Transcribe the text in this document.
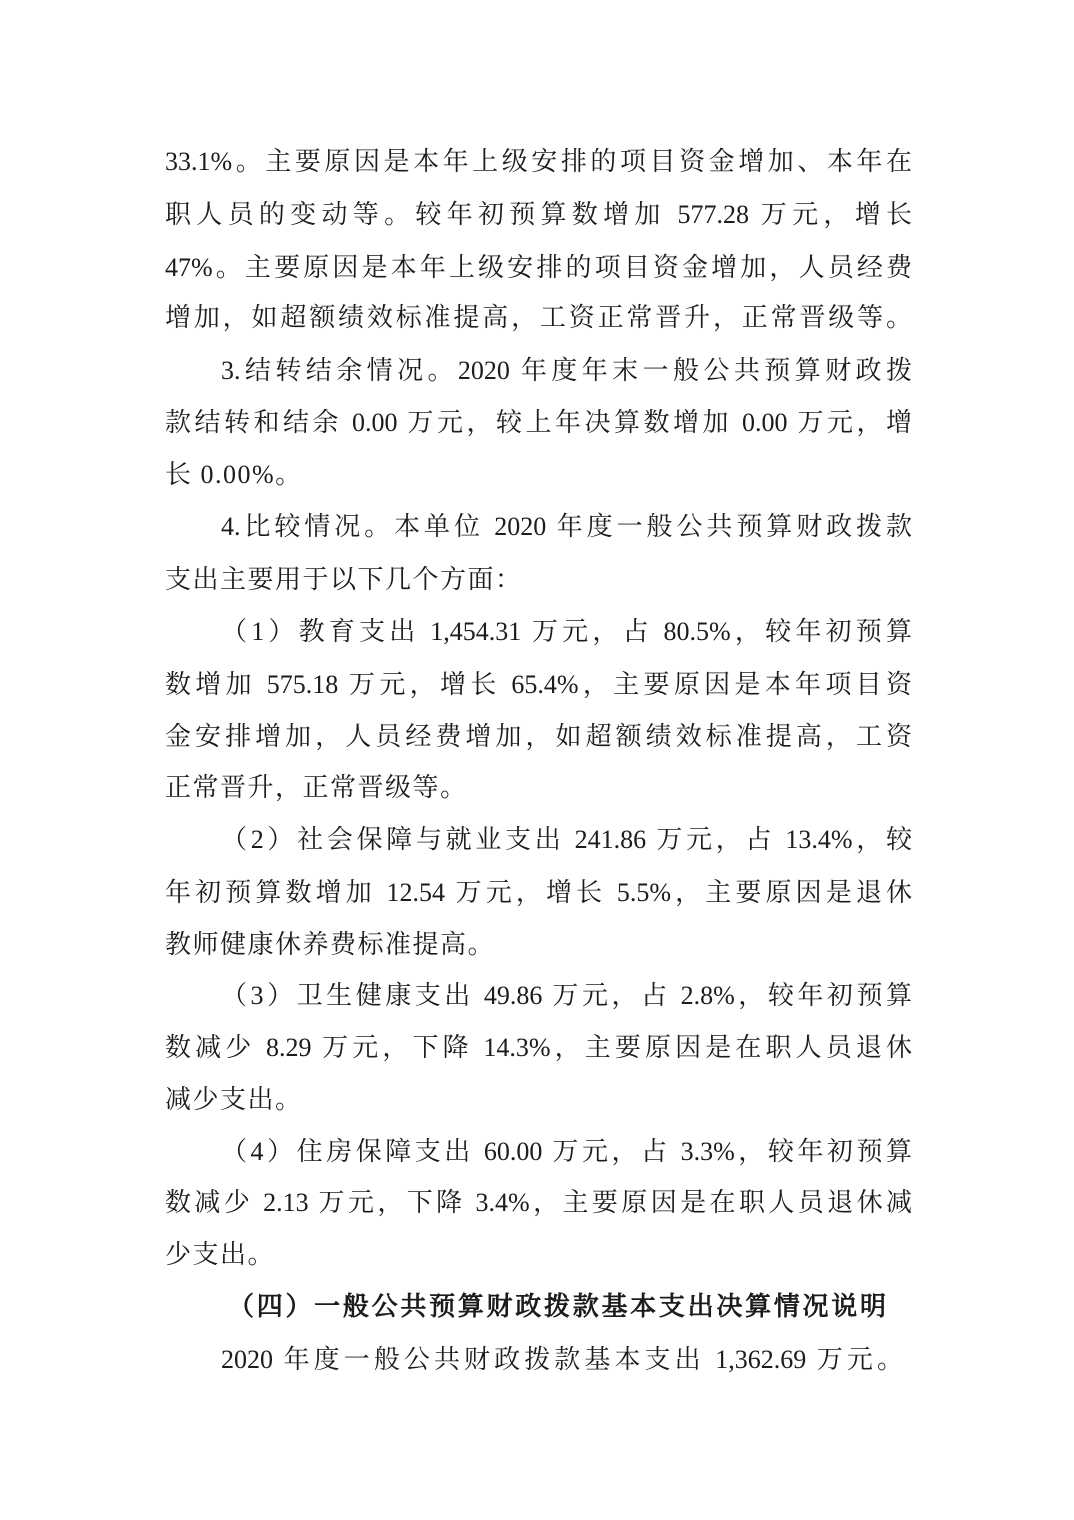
33.1%。主要原因是本年上级安排的项目资金增加、本年在
职人员的变动等。较年初预算数增加 577.28 万元，增长
47%。主要原因是本年上级安排的项目资金增加，人员经费
增加，如超额绩效标准提高，工资正常晋升，正常晋级等。
3.结转结余情况。2020 年度年末一般公共预算财政拨
款结转和结余 0.00 万元，较上年决算数增加 0.00 万元，增
长 0.00%。
4.比较情况。本单位 2020 年度一般公共预算财政拨款
支出主要用于以下几个方面：
（1）教育支出 1,454.31 万元，占 80.5%，较年初预算
数增加 575.18 万元，增长 65.4%，主要原因是本年项目资
金安排增加，人员经费增加，如超额绩效标准提高，工资
正常晋升，正常晋级等。
（2）社会保障与就业支出 241.86 万元，占 13.4%，较
年初预算数增加 12.54 万元，增长 5.5%，主要原因是退休
教师健康休养费标准提高。
（3）卫生健康支出 49.86 万元，占 2.8%，较年初预算
数减少 8.29 万元，下降 14.3%，主要原因是在职人员退休
减少支出。
（4）住房保障支出 60.00 万元，占 3.3%，较年初预算
数减少 2.13 万元，下降 3.4%，主要原因是在职人员退休减
少支出。
（四）一般公共预算财政拨款基本支出决算情况说明
2020 年度一般公共财政拨款基本支出 1,362.69 万元。
